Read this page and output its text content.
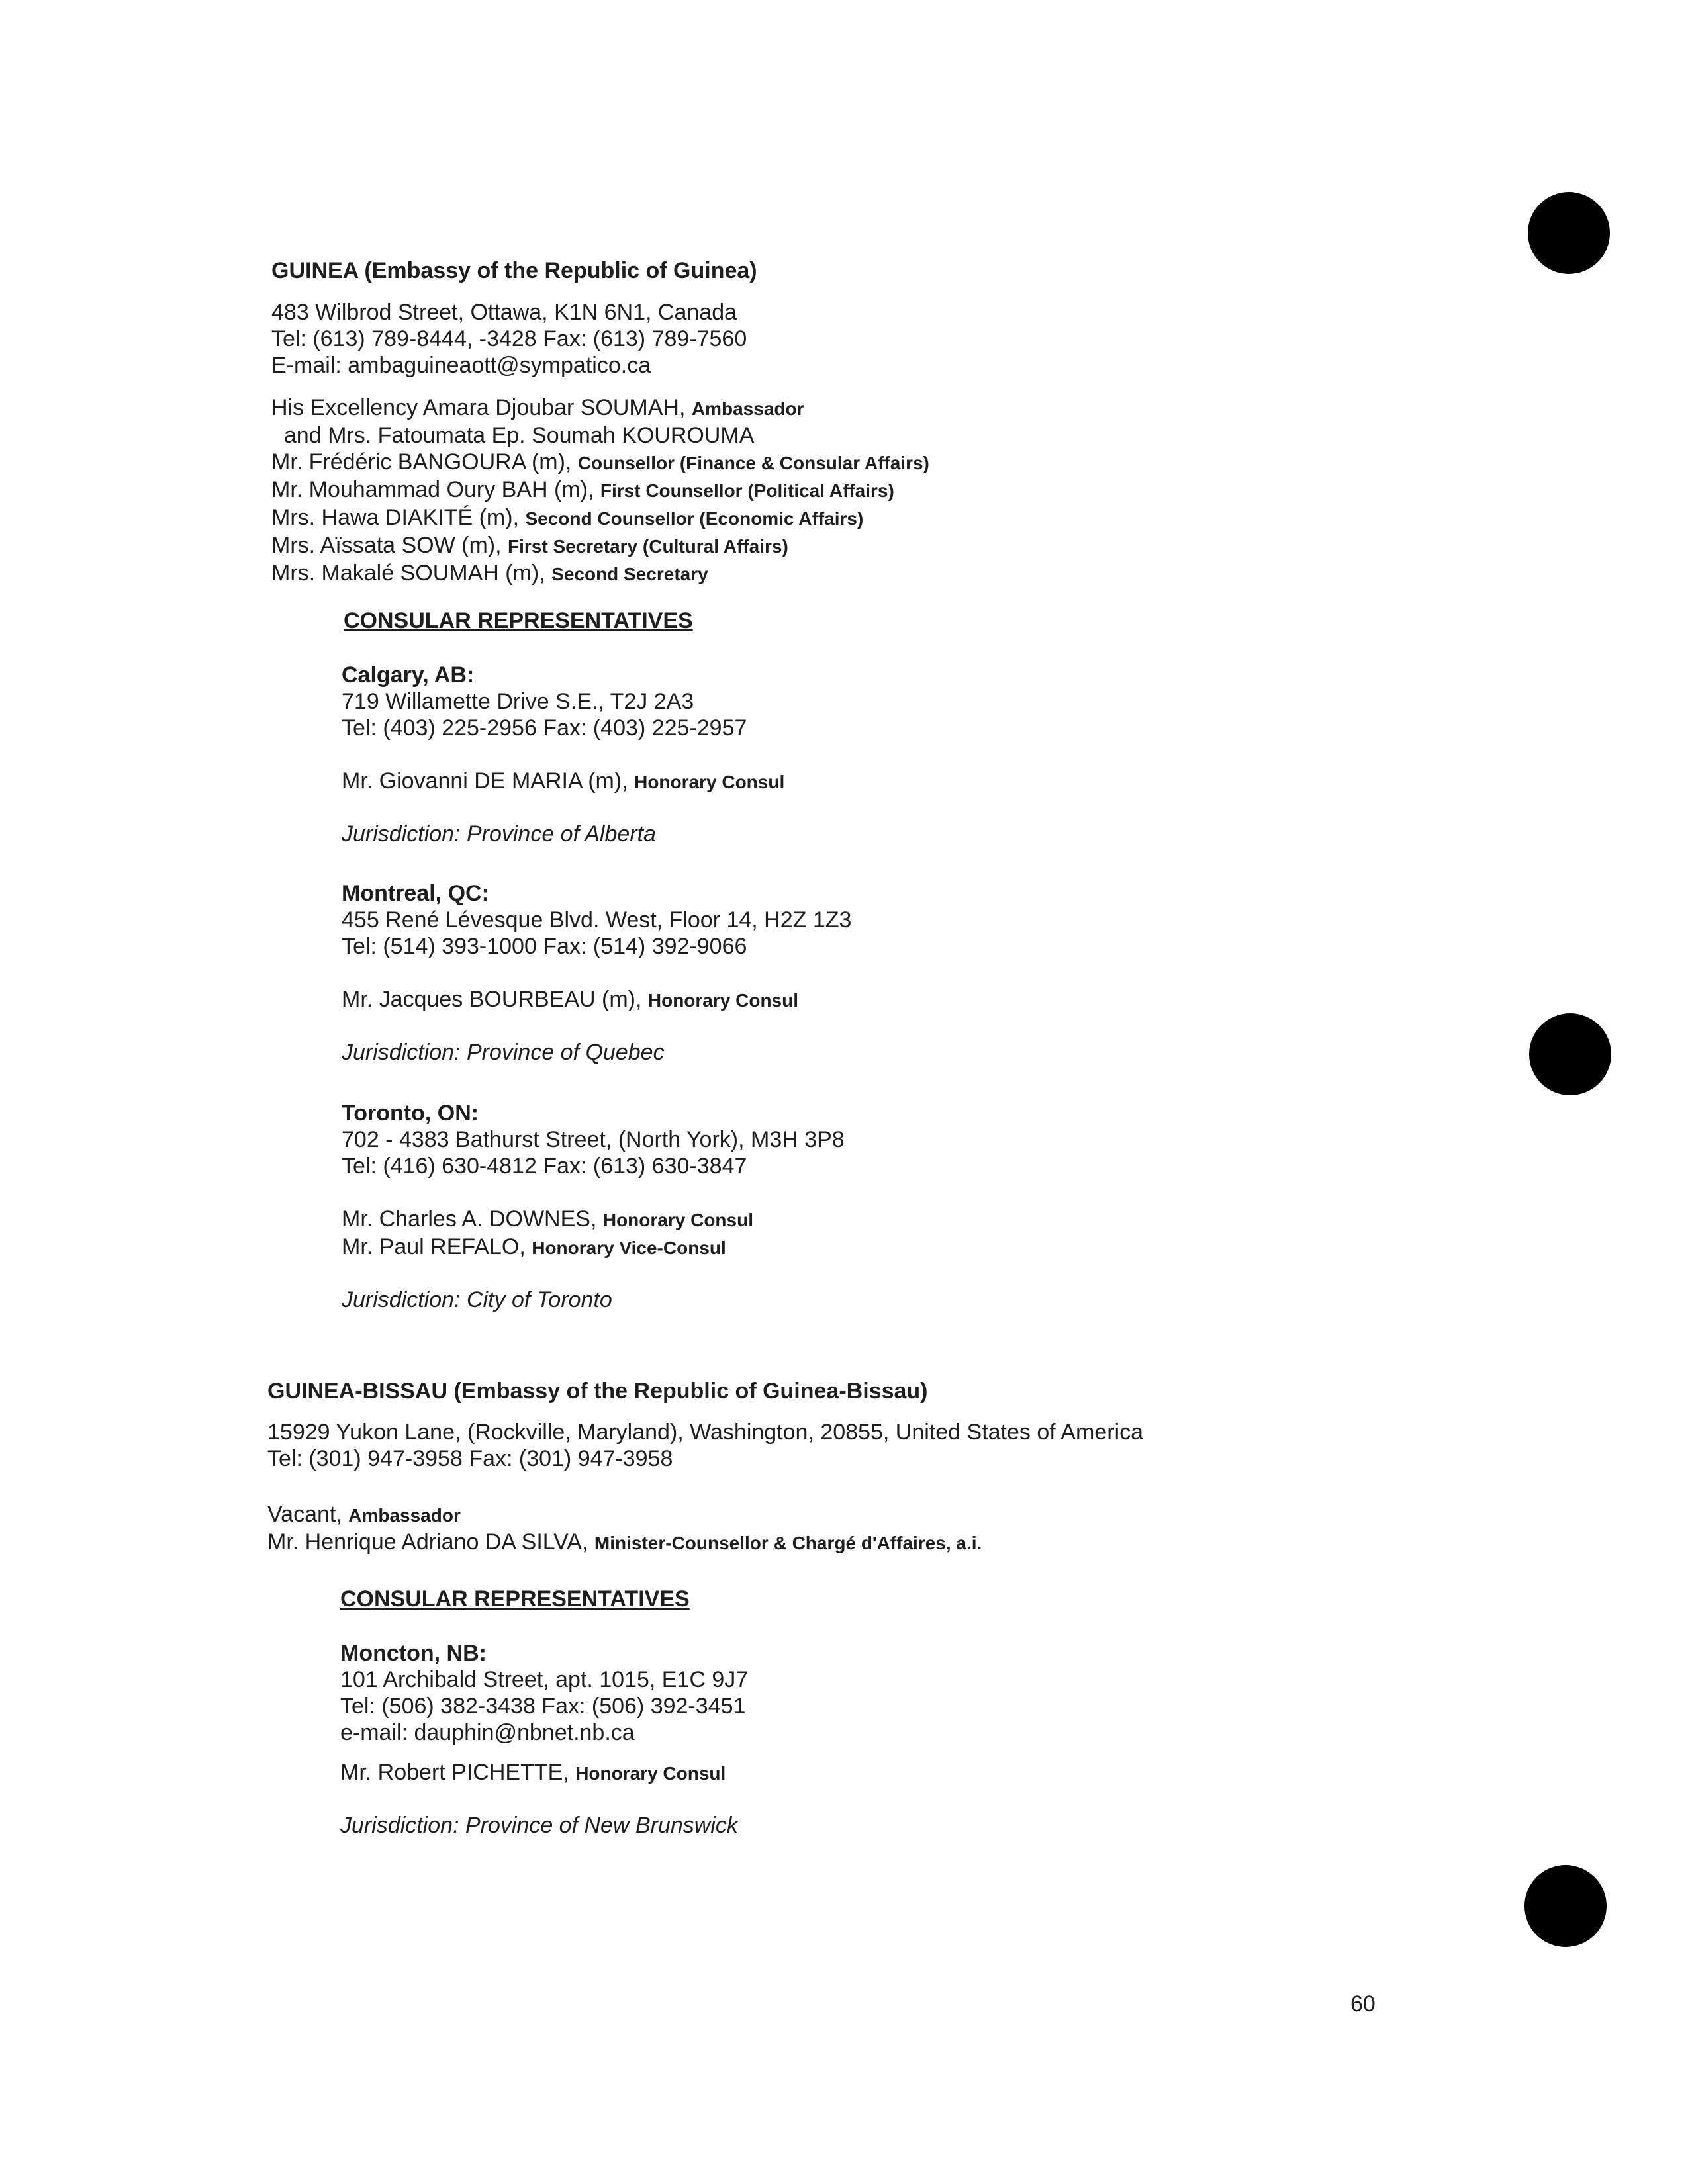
GUINEA (Embassy of the Republic of Guinea)
483 Wilbrod Street, Ottawa, K1N 6N1, Canada
Tel: (613) 789-8444, -3428 Fax: (613) 789-7560
E-mail: ambaguineaott@sympatico.ca
His Excellency Amara Djoubar SOUMAH, Ambassador
and Mrs. Fatoumata Ep. Soumah KOUROUMA
Mr. Frédéric BANGOURA (m), Counsellor (Finance & Consular Affairs)
Mr. Mouhammad Oury BAH (m), First Counsellor (Political Affairs)
Mrs. Hawa DIAKITÉ (m), Second Counsellor (Economic Affairs)
Mrs. Aïssata SOW (m), First Secretary (Cultural Affairs)
Mrs. Makalé SOUMAH (m), Second Secretary
CONSULAR REPRESENTATIVES
Calgary, AB:
719 Willamette Drive S.E., T2J 2A3
Tel: (403) 225-2956 Fax: (403) 225-2957
Mr. Giovanni DE MARIA (m), Honorary Consul
Jurisdiction: Province of Alberta
Montreal, QC:
455 René Lévesque Blvd. West, Floor 14, H2Z 1Z3
Tel: (514) 393-1000 Fax: (514) 392-9066
Mr. Jacques BOURBEAU (m), Honorary Consul
Jurisdiction: Province of Quebec
Toronto, ON:
702 - 4383 Bathurst Street, (North York), M3H 3P8
Tel: (416) 630-4812 Fax: (613) 630-3847
Mr. Charles A. DOWNES, Honorary Consul
Mr. Paul REFALO, Honorary Vice-Consul
Jurisdiction: City of Toronto
GUINEA-BISSAU (Embassy of the Republic of Guinea-Bissau)
15929 Yukon Lane, (Rockville, Maryland), Washington, 20855, United States of America
Tel: (301) 947-3958 Fax: (301) 947-3958
Vacant, Ambassador
Mr. Henrique Adriano DA SILVA, Minister-Counsellor & Chargé d'Affaires, a.i.
CONSULAR REPRESENTATIVES
Moncton, NB:
101 Archibald Street, apt. 1015, E1C 9J7
Tel: (506) 382-3438 Fax: (506) 392-3451
e-mail: dauphin@nbnet.nb.ca
Mr. Robert PICHETTE, Honorary Consul
Jurisdiction: Province of New Brunswick
60
